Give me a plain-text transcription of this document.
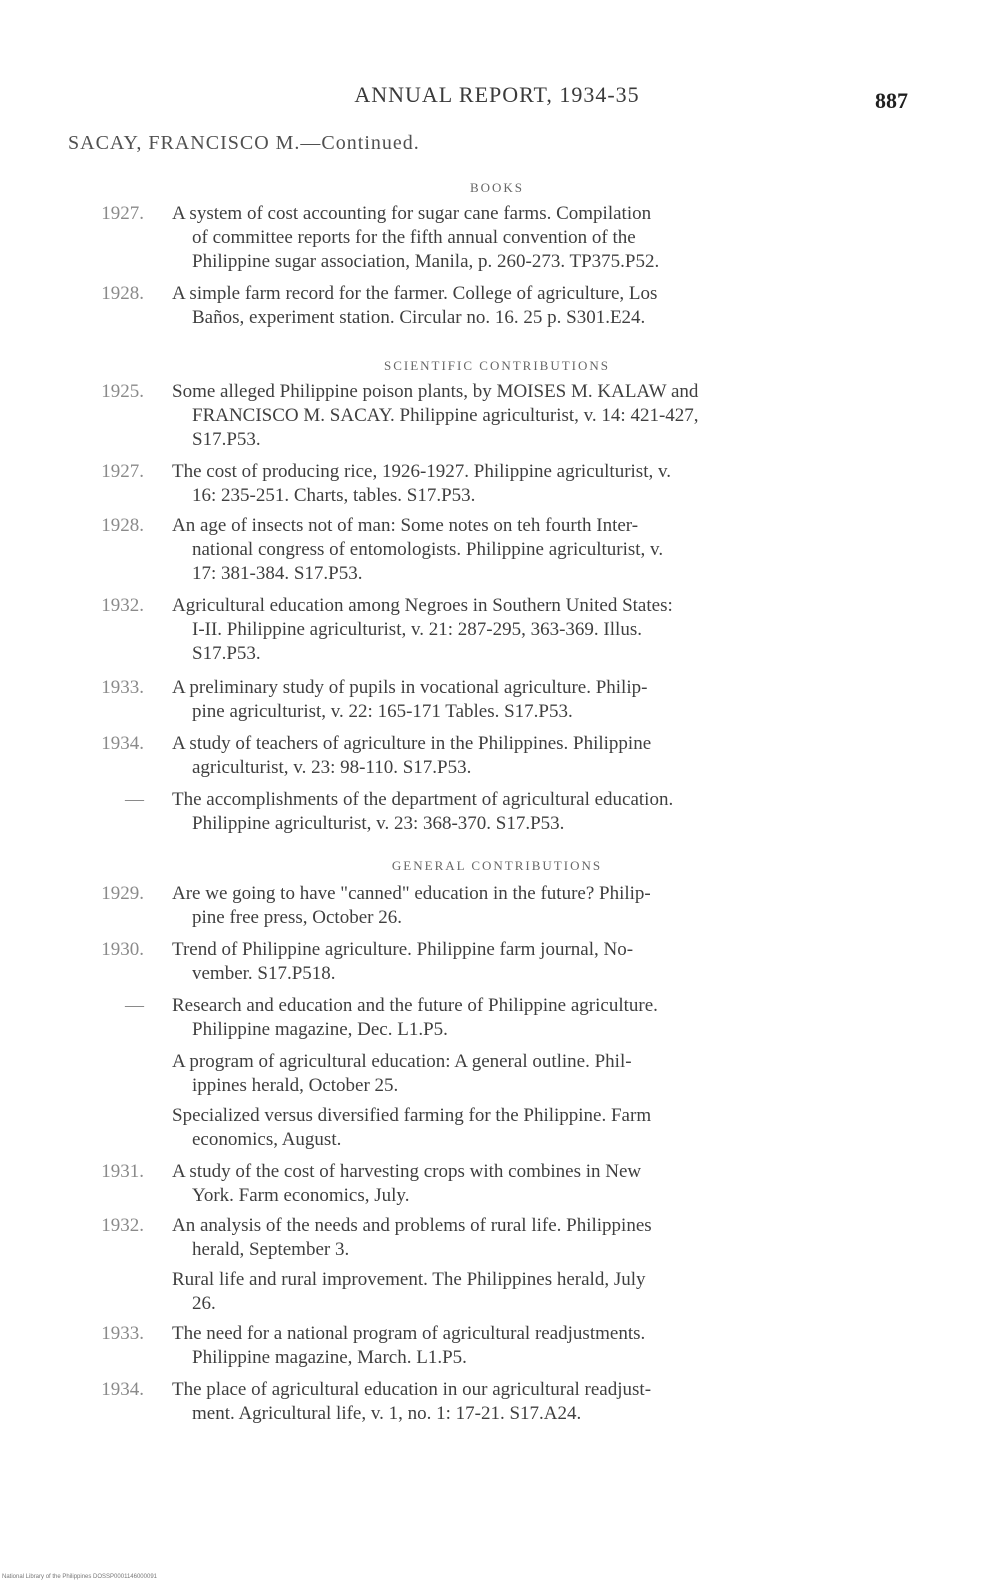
ANNUAL REPORT, 1934-35	887
SACAY, FRANCISCO M.—Continued.
BOOKS
1927. A system of cost accounting for sugar cane farms. Compilation
of committee reports for the fifth annual convention of the
Philippine sugar association, Manila, p. 260-273. TP375.P52.
1928. A simple farm record for the farmer. College of agriculture, Los
Baños, experiment station. Circular no. 16. 25 p. S301.E24.
SCIENTIFIC CONTRIBUTIONS
1925. Some alleged Philippine poison plants, by MOISES M. KALAW and
FRANCISCO M. SACAY. Philippine agriculturist, v. 14: 421-427,
S17.P53.
1927. The cost of producing rice, 1926-1927. Philippine agriculturist, v.
16: 235-251. Charts, tables. S17.P53.
1928. An age of insects not of man: Some notes on teh fourth Inter-
national congress of entomologists. Philippine agriculturist, v.
17: 381-384. S17.P53.
1932. Agricultural education among Negroes in Southern United States:
I-II. Philippine agriculturist, v. 21: 287-295, 363-369. Illus.
S17.P53.
1933. A preliminary study of pupils in vocational agriculture. Philip-
pine agriculturist, v. 22: 165-171 Tables. S17.P53.
1934. A study of teachers of agriculture in the Philippines. Philippine
agriculturist, v. 23: 98-110. S17.P53.
— The accomplishments of the department of agricultural education.
Philippine agriculturist, v. 23: 368-370. S17.P53.
GENERAL CONTRIBUTIONS
1929. Are we going to have "canned" education in the future? Philip-
pine free press, October 26.
1930. Trend of Philippine agriculture. Philippine farm journal, No-
vember. S17.P518.
— Research and education and the future of Philippine agriculture.
Philippine magazine, Dec. L1.P5.
A program of agricultural education: A general outline. Phil-
ippines herald, October 25.
Specialized versus diversified farming for the Philippine. Farm
economics, August.
1931. A study of the cost of harvesting crops with combines in New
York. Farm economics, July.
1932. An analysis of the needs and problems of rural life. Philippines
herald, September 3.
Rural life and rural improvement. The Philippines herald, July
26.
1933. The need for a national program of agricultural readjustments.
Philippine magazine, March. L1.P5.
1934. The place of agricultural education in our agricultural readjust-
ment. Agricultural life, v. 1, no. 1: 17-21. S17.A24.
National Library of the Philippines DOSSP0001146000091
